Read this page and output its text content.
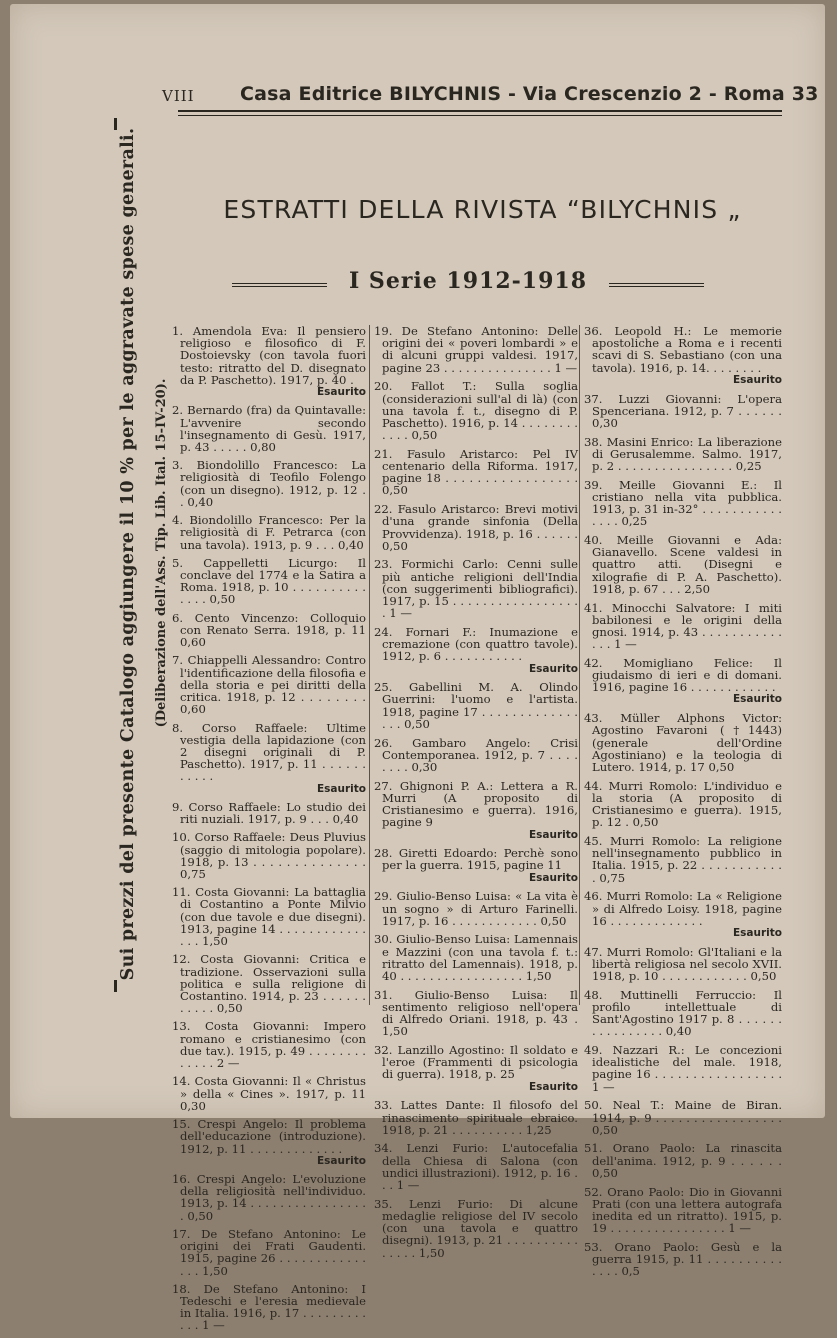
VIII Casa Editrice BILYCHNIS - Via Crescenzio 2 - Roma 33
Sui prezzi del presente Catalogo aggiungere il 10 % per le aggravate spese generali.	(Deliberazione dell'Ass. Tip. Lib. Ital. 15-IV-20).
ESTRATTI DELLA RIVISTA “BILYCHNIS „
I Serie 1912-1918
1. Amendola Eva: Il pensiero religioso e filosofico di F. Dostoievsky (con tavola fuori testo: ritratto del D. disegnato da P. Paschetto). 1917, p. 40 .
Esaurito
2. Bernardo (fra) da Quintavalle: L'avvenire secondo l'insegnamento di Gesù. 1917, p. 43 . . . . . 0,80
3. Biondolillo Francesco: La religiosità di Teofilo Folengo (con un disegno). 1912, p. 12 . . 0,40
4. Biondolillo Francesco: Per la religiosità di F. Petrarca (con una tavola). 1913, p. 9 . . . 0,40
5. Cappelletti Licurgo: Il conclave del 1774 e la Satira a Roma. 1918, p. 10 . . . . . . . . . . . . . . 0,50
6. Cento Vincenzo: Colloquio con Renato Serra. 1918, p. 11 0,60
7. Chiappelli Alessandro: Contro l'identificazione della filosofia e della storia e pei diritti della critica. 1918, p. 12 . . . . . . . . 0,60
8. Corso Raffaele: Ultime vestigia della lapidazione (con 2 disegni originali di P. Paschetto). 1917, p. 11 . . . . . . . . . . .
Esaurito
9. Corso Raffaele: Lo studio dei riti nuziali. 1917, p. 9 . . . 0,40
10. Corso Raffaele: Deus Pluvius (saggio di mitologia popolare). 1918, p. 13 . . . . . . . . . . . . . . 0,75
11. Costa Giovanni: La battaglia di Costantino a Ponte Milvio (con due tavole e due disegni). 1913, pagine 14 . . . . . . . . . . . . . . . 1,50
12. Costa Giovanni: Critica e tradizione. Osservazioni sulla politica e sulla religione di Costantino. 1914, p. 23 . . . . . . . . . . . 0,50
13. Costa Giovanni: Impero romano e cristianesimo (con due tav.). 1915, p. 49 . . . . . . . . . . . . . 2 —
14. Costa Giovanni: Il « Christus » della « Cines ». 1917, p. 11 0,30
15. Crespi Angelo: Il problema dell'educazione (introduzione). 1912, p. 11 . . . . . . . . . . . . .
Esaurito
16. Crespi Angelo: L'evoluzione della religiosità nell'individuo. 1913, p. 14 . . . . . . . . . . . . . . . . . 0,50
17. De Stefano Antonino: Le origini dei Frati Gaudenti. 1915, pagine 26 . . . . . . . . . . . . . . . 1,50
18. De Stefano Antonino: I Tedeschi e l'eresia medievale in Italia. 1916, p. 17 . . . . . . . . . . . . 1 —
19. De Stefano Antonino: Delle origini dei « poveri lombardi » e di alcuni gruppi valdesi. 1917, pagine 23 . . . . . . . . . . . . . . . 1 —
20. Fallot T.: Sulla soglia (considerazioni sull'al di là) (con una tavola f. t., disegno di P. Paschetto). 1916, p. 14 . . . . . . . . . . . . 0,50
21. Fasulo Aristarco: Pel IV centenario della Riforma. 1917, pagine 18 . . . . . . . . . . . . . . . . . 0,50
22. Fasulo Aristarco: Brevi motivi d'una grande sinfonia (Della Provvidenza). 1918, p. 16 . . . . . . 0,50
23. Formichi Carlo: Cenni sulle più antiche religioni dell'India (con suggerimenti bibliografici). 1917, p. 15 . . . . . . . . . . . . . . . . . . 1 —
24. Fornari F.: Inumazione e cremazione (con quattro tavole). 1912, p. 6 . . . . . . . . . . .
Esaurito
25. Gabellini M. A. Olindo Guerrini: l'uomo e l'artista. 1918, pagine 17 . . . . . . . . . . . . . . . . 0,50
26. Gambaro Angelo: Crisi Contemporanea. 1912, p. 7 . . . . . . . . 0,30
27. Ghignoni P. A.: Lettera a R. Murri (A proposito di Cristianesimo e guerra). 1916, pagine 9
Esaurito
28. Giretti Edoardo: Perchè sono per la guerra. 1915, pagine 11
Esaurito
29. Giulio-Benso Luisa: « La vita è un sogno » di Arturo Farinelli. 1917, p. 16 . . . . . . . . . . . . 0,50
30. Giulio-Benso Luisa: Lamennais e Mazzini (con una tavola f. t.: ritratto del Lamennais). 1918, p. 40 . . . . . . . . . . . . . . . . . 1,50
31. Giulio-Benso Luisa: Il sentimento religioso nell'opera di Alfredo Oriani. 1918, p. 43 . 1,50
32. Lanzillo Agostino: Il soldato e l'eroe (Frammenti di psicologia di guerra). 1918, p. 25
Esaurito
33. Lattes Dante: Il filosofo del rinascimento spirituale ebraico. 1918, p. 21 . . . . . . . . . . 1,25
34. Lenzi Furio: L'autocefalia della Chiesa di Salona (con undici illustrazioni). 1912, p. 16 . . . 1 —
35. Lenzi Furio: Di alcune medaglie religiose del IV secolo (con una tavola e quattro disegni). 1913, p. 21 . . . . . . . . . . . . . . . 1,50
36. Leopold H.: Le memorie apostoliche a Roma e i recenti scavi di S. Sebastiano (con una tavola). 1916, p. 14. . . . . . . .
Esaurito
37. Luzzi Giovanni: L'opera Spenceriana. 1912, p. 7 . . . . . . 0,30
38. Masini Enrico: La liberazione di Gerusalemme. Salmo. 1917, p. 2 . . . . . . . . . . . . . . . . 0,25
39. Meille Giovanni E.: Il cristiano nella vita pubblica. 1913, p. 31 in-32° . . . . . . . . . . . . . . . 0,25
40. Meille Giovanni e Ada: Gianavello. Scene valdesi in quattro atti. (Disegni e xilografie di P. A. Paschetto). 1918, p. 67 . . . 2,50
41. Minocchi Salvatore: I miti babilonesi e le origini della gnosi. 1914, p. 43 . . . . . . . . . . . . . . 1 —
42. Momigliano Felice: Il giudaismo di ieri e di domani. 1916, pagine 16 . . . . . . . . . . . .
Esaurito
43. Müller Alphons Victor: Agostino Favaroni (†1443) (generale dell'Ordine Agostiniano) e la teologia di Lutero. 1914, p. 17 0,50
44. Murri Romolo: L'individuo e la storia (A proposito di Cristianesimo e guerra). 1915, p. 12 . 0,50
45. Murri Romolo: La religione nell'insegnamento pubblico in Italia. 1915, p. 22 . . . . . . . . . . . . 0,75
46. Murri Romolo: La « Religione » di Alfredo Loisy. 1918, pagine 16 . . . . . . . . . . . . .
Esaurito
47. Murri Romolo: Gl'Italiani e la libertà religiosa nel secolo XVII. 1918, p. 10 . . . . . . . . . . . . 0,50
48. Muttinelli Ferruccio: Il profilo intellettuale di Sant'Agostino 1917 p. 8 . . . . . . . . . . . . . . . . 0,40
49. Nazzari R.: Le concezioni idealistiche del male. 1918, pagine 16 . . . . . . . . . . . . . . . . . 1 —
50. Neal T.: Maine de Biran. 1914, p. 9 . . . . . . . . . . . . . . . . . 0,50
51. Orano Paolo: La rinascita dell'anima. 1912, p. 9 . . . . . . 0,50
52. Orano Paolo: Dio in Giovanni Prati (con una lettera autografa inedita ed un ritratto). 1915, p. 19 . . . . . . . . . . . . . . . . 1 —
53. Orano Paolo: Gesù e la guerra 1915, p. 11 . . . . . . . . . . . . . . 0,5
